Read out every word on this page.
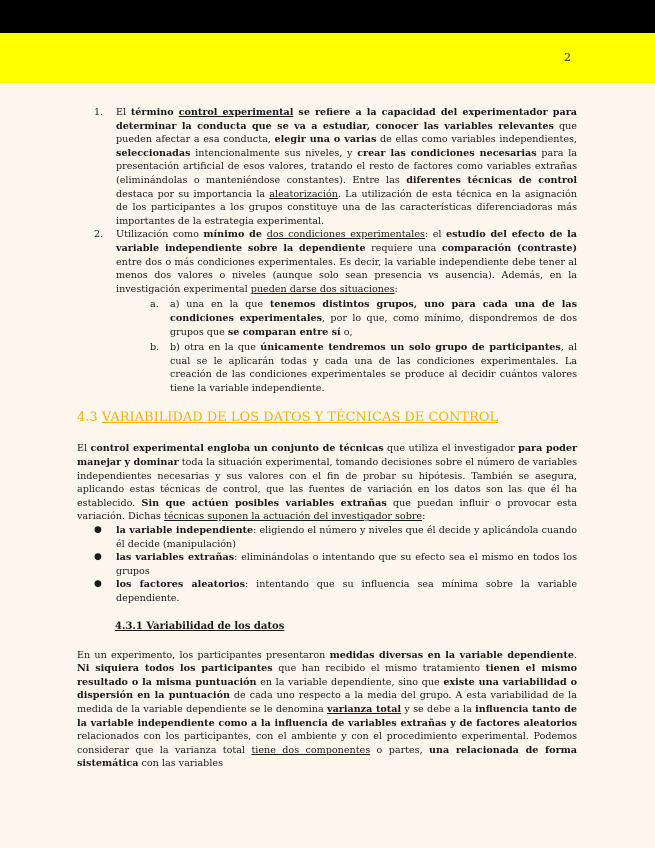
2
1.	El término control experimental se refiere a la capacidad del experimentador para determinar la conducta que se va a estudiar, conocer las variables relevantes que pueden afectar a esa conducta, elegir una o varias de ellas como variables independientes, seleccionadas intencionalmente sus niveles, y crear las condiciones necesarias para la presentación artificial de esos valores, tratando el resto de factores como variables extrañas (eliminándolas o manteniéndose constantes). Entre las diferentes técnicas de control destaca por su importancia la aleatorización. La utilización de esta técnica en la asignación de los participantes a los grupos constituye una de las características diferenciadoras más importantes de la estrategia experimental.
2.	Utilización como mínimo de dos condiciones experimentales: el estudio del efecto de la variable independiente sobre la dependiente requiere una comparación (contraste) entre dos o más condiciones experimentales. Es decir, la variable independiente debe tener al menos dos valores o niveles (aunque solo sean presencia vs ausencia). Además, en la investigación experimental pueden darse dos situaciones:
a.	a) una en la que tenemos distintos grupos, uno para cada una de las condiciones experimentales, por lo que, como mínimo, dispondremos de dos grupos que se comparan entre sí o,
b.	b) otra en la que únicamente tendremos un solo grupo de participantes, al cual se le aplicarán todas y cada una de las condiciones experimentales. La creación de las condiciones experimentales se produce al decidir cuántos valores tiene la variable independiente.
4.3 VARIABILIDAD DE LOS DATOS Y TÉCNICAS DE CONTROL

El control experimental engloba un conjunto de técnicas que utiliza el investigador para poder manejar y dominar toda la situación experimental, tomando decisiones sobre el número de variables independientes necesarias y sus valores con el fin de probar su hipótesis. También se asegura, aplicando estas técnicas de control, que las fuentes de variación en los datos son las que él ha establecido. Sin que actúen posibles variables extrañas que puedan influir o provocar esta variación. Dichas técnicas suponen la actuación del investigador sobre:

●	la variable independiente: eligiendo el número y niveles que él decide y aplicándola cuando él decide (manipulación)
●	las variables extrañas: eliminándolas o intentando que su efecto sea el mismo en todos los grupos
●	los factores aleatorios: intentando que su influencia sea mínima sobre la variable dependiente.
4.3.1 Variabilidad de los datos

En un experimento, los participantes presentaron medidas diversas en la variable dependiente. Ni siquiera todos los participantes que han recibido el mismo tratamiento tienen el mismo resultado o la misma puntuación en la variable dependiente, sino que existe una variabilidad o dispersión en la puntuación de cada uno respecto a la media del grupo. A esta variabilidad de la medida de la variable dependiente se le denomina varianza total y se debe a la influencia tanto de la variable independiente como a la influencia de variables extrañas y de factores aleatorios relacionados con los participantes, con el ambiente y con el procedimiento experimental. Podemos considerar que la varianza total tiene dos componentes o partes, una relacionada de forma sistemática con las variables
